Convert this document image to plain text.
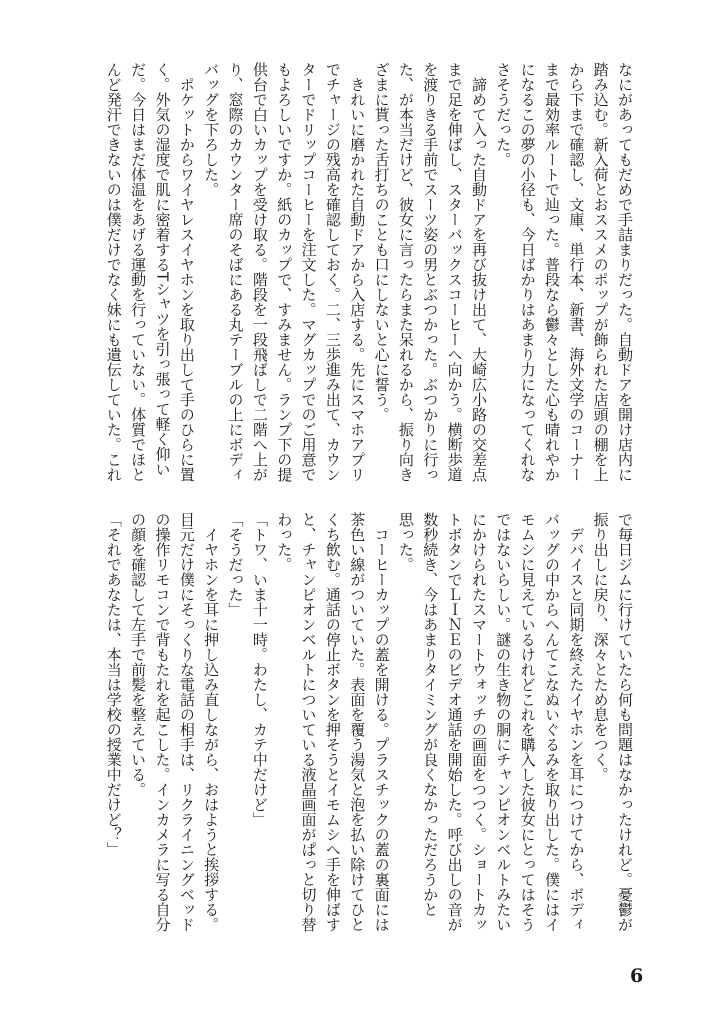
なにがあってもだめで手詰まりだった。自動ドアを開け店内に
踏み込む。新入荷とおススメのポップが飾られた店頭の棚を上
から下まで確認し、文庫、単行本、新書、海外文学のコーナー
まで最効率ルートで辿った。普段なら鬱々とした心も晴れやか
になるこの夢の小径も、今日ばかりはあまり力になってくれな
さそうだった。
　諦めて入った自動ドアを再び抜け出て、大崎広小路の交差点
まで足を伸ばし、スターバックスコーヒーへ向かう。横断歩道
を渡りきる手前でスーツ姿の男とぶつかった。ぶつかりに行っ
た、が本当だけど、彼女に言ったらまた呆れるから、振り向き
ざまに貰った舌打ちのことも口にしないと心に誓う。
　きれいに磨かれた自動ドアから入店する。先にスマホアプリ
でチャージの残高を確認しておく。二、三歩進み出て、カウン
ターでドリップコーヒーを注文した。マグカップでのご用意で
もよろしいですか。紙のカップで、すみません。ランプ下の提
供台で白いカップを受け取る。階段を一段飛ばしで二階へ上が
り、窓際のカウンター席のそばにある丸テーブルの上にボディ
バッグを下ろした。
　ポケットからワイヤレスイヤホンを取り出して手のひらに置
く。外気の湿度で肌に密着するTシャツを引っ張って軽く仰い
だ。今日はまだ体温をあげる運動を行っていない。体質でほと
んど発汗できないのは僕だけでなく妹にも遺伝していた。これ
で毎日ジムに行けていたら何も問題はなかったけれど。憂鬱が
振り出しに戻り、深々とため息をつく。
　デバイスと同期を終えたイヤホンを耳につけてから、ボディ
バッグの中からへんてこなぬいぐるみを取り出した。僕にはイ
モムシに見えているけれどこれを購入した彼女にとってはそう
ではないらしい。謎の生き物の胴にチャンピオンベルトみたい
にかけられたスマートウォッチの画面をつつく。ショートカッ
トボタンでＬＩＮＥのビデオ通話を開始した。呼び出しの音が
数秒続き、今はあまりタイミングが良くなかっただろうかと
思った。
　コーヒーカップの蓋を開ける。プラスチックの蓋の裏面には
茶色い線がついていた。表面を覆う湯気と泡を払い除けてひと
くち飲む。通話の停止ボタンを押そうとイモムシへ手を伸ばす
と、チャンピオンベルトについている液晶画面がぱっと切り替
わった。
「トワ、いま十一時。わたし、カテ中だけど」
「そうだった」
　イヤホンを耳に押し込み直しながら、おはようと挨拶する。
目元だけ僕にそっくりな電話の相手は、リクライニングベッド
の操作リモコンで背もたれを起こした。インカメラに写る自分
の顔を確認して左手で前髪を整えている。
「それであなたは、本当は学校の授業中だけど？」
6
